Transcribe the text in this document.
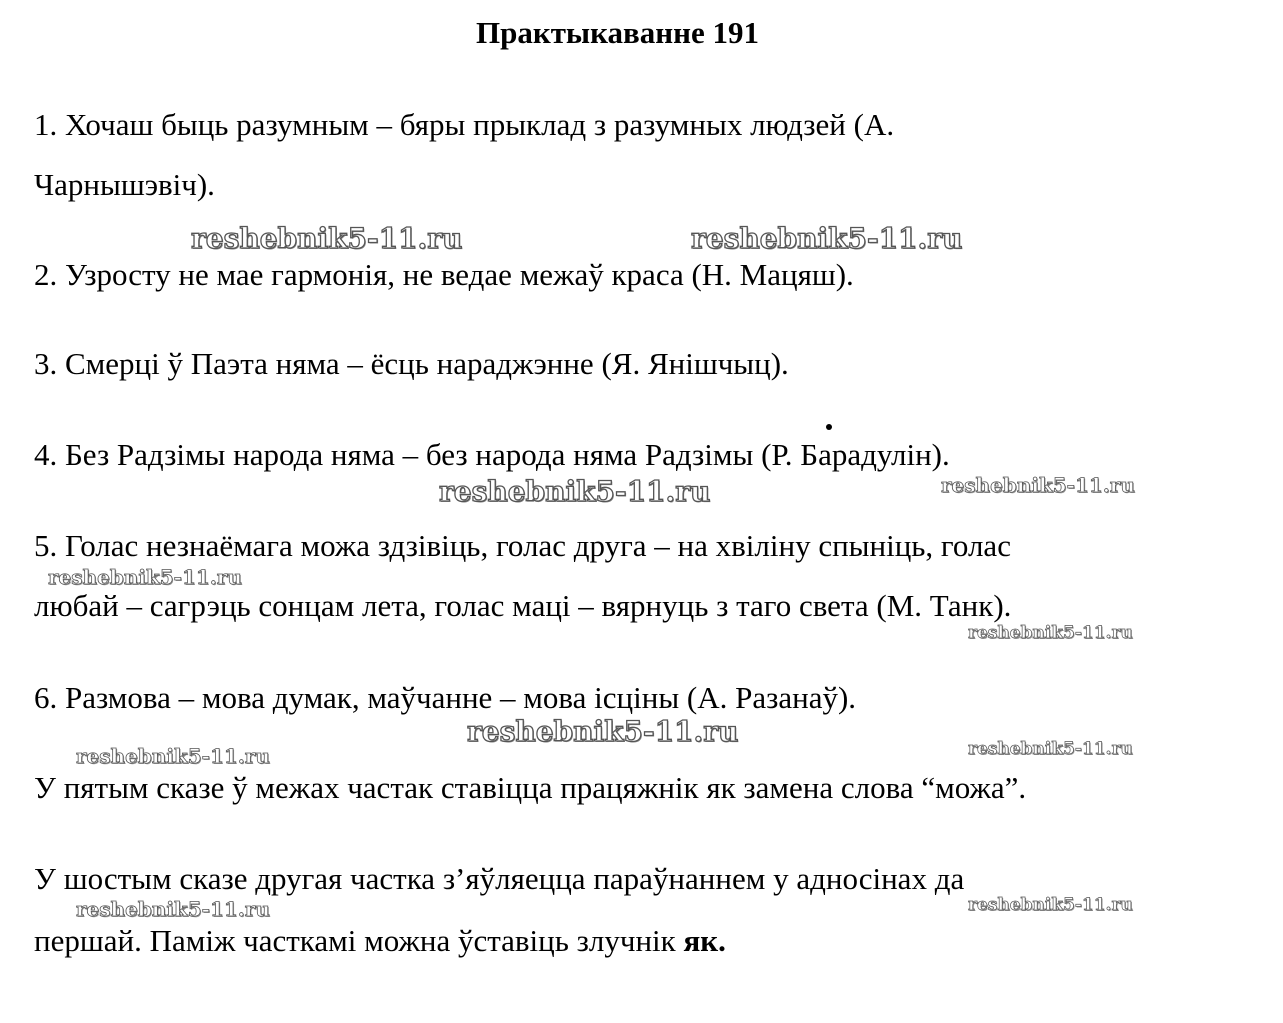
Практыкаванне 191
1. Хочаш быць разумным – бяры прыклад з разумных людзей (А.
Чарнышэвіч).
2. Узросту не мае гармонія, не ведае межаў краса (Н. Мацяш).
3. Смерці ў Паэта няма – ёсць нараджэнне (Я. Янішчыц).
4. Без Радзімы народа няма – без народа няма Радзімы (Р. Барадулін).
5. Голас незнаёмага можа здзівіць, голас друга – на хвіліну спыніць, голас
любай – сагрэць сонцам лета, голас маці – вярнуць з таго света (М. Танк).
6. Размова – мова думак, маўчанне – мова ісціны (А. Разанаў).
У пятым сказе ў межах частак ставіцца працяжнік як замена слова “можа”.
У шостым сказе другая частка з’яўляецца параўнаннем у адносінах да
першай. Паміж часткамі можна ўставіць злучнік як.
reshebnik5-11.ru	reshebnik5-11.ru
reshebnik5-11.ru	reshebnik5-11.ru
reshebnik5-11.ru
reshebnik5-11.ru
reshebnik5-11.ru
reshebnik5-11.ru	reshebnik5-11.ru
reshebnik5-11.ru	reshebnik5-11.ru
